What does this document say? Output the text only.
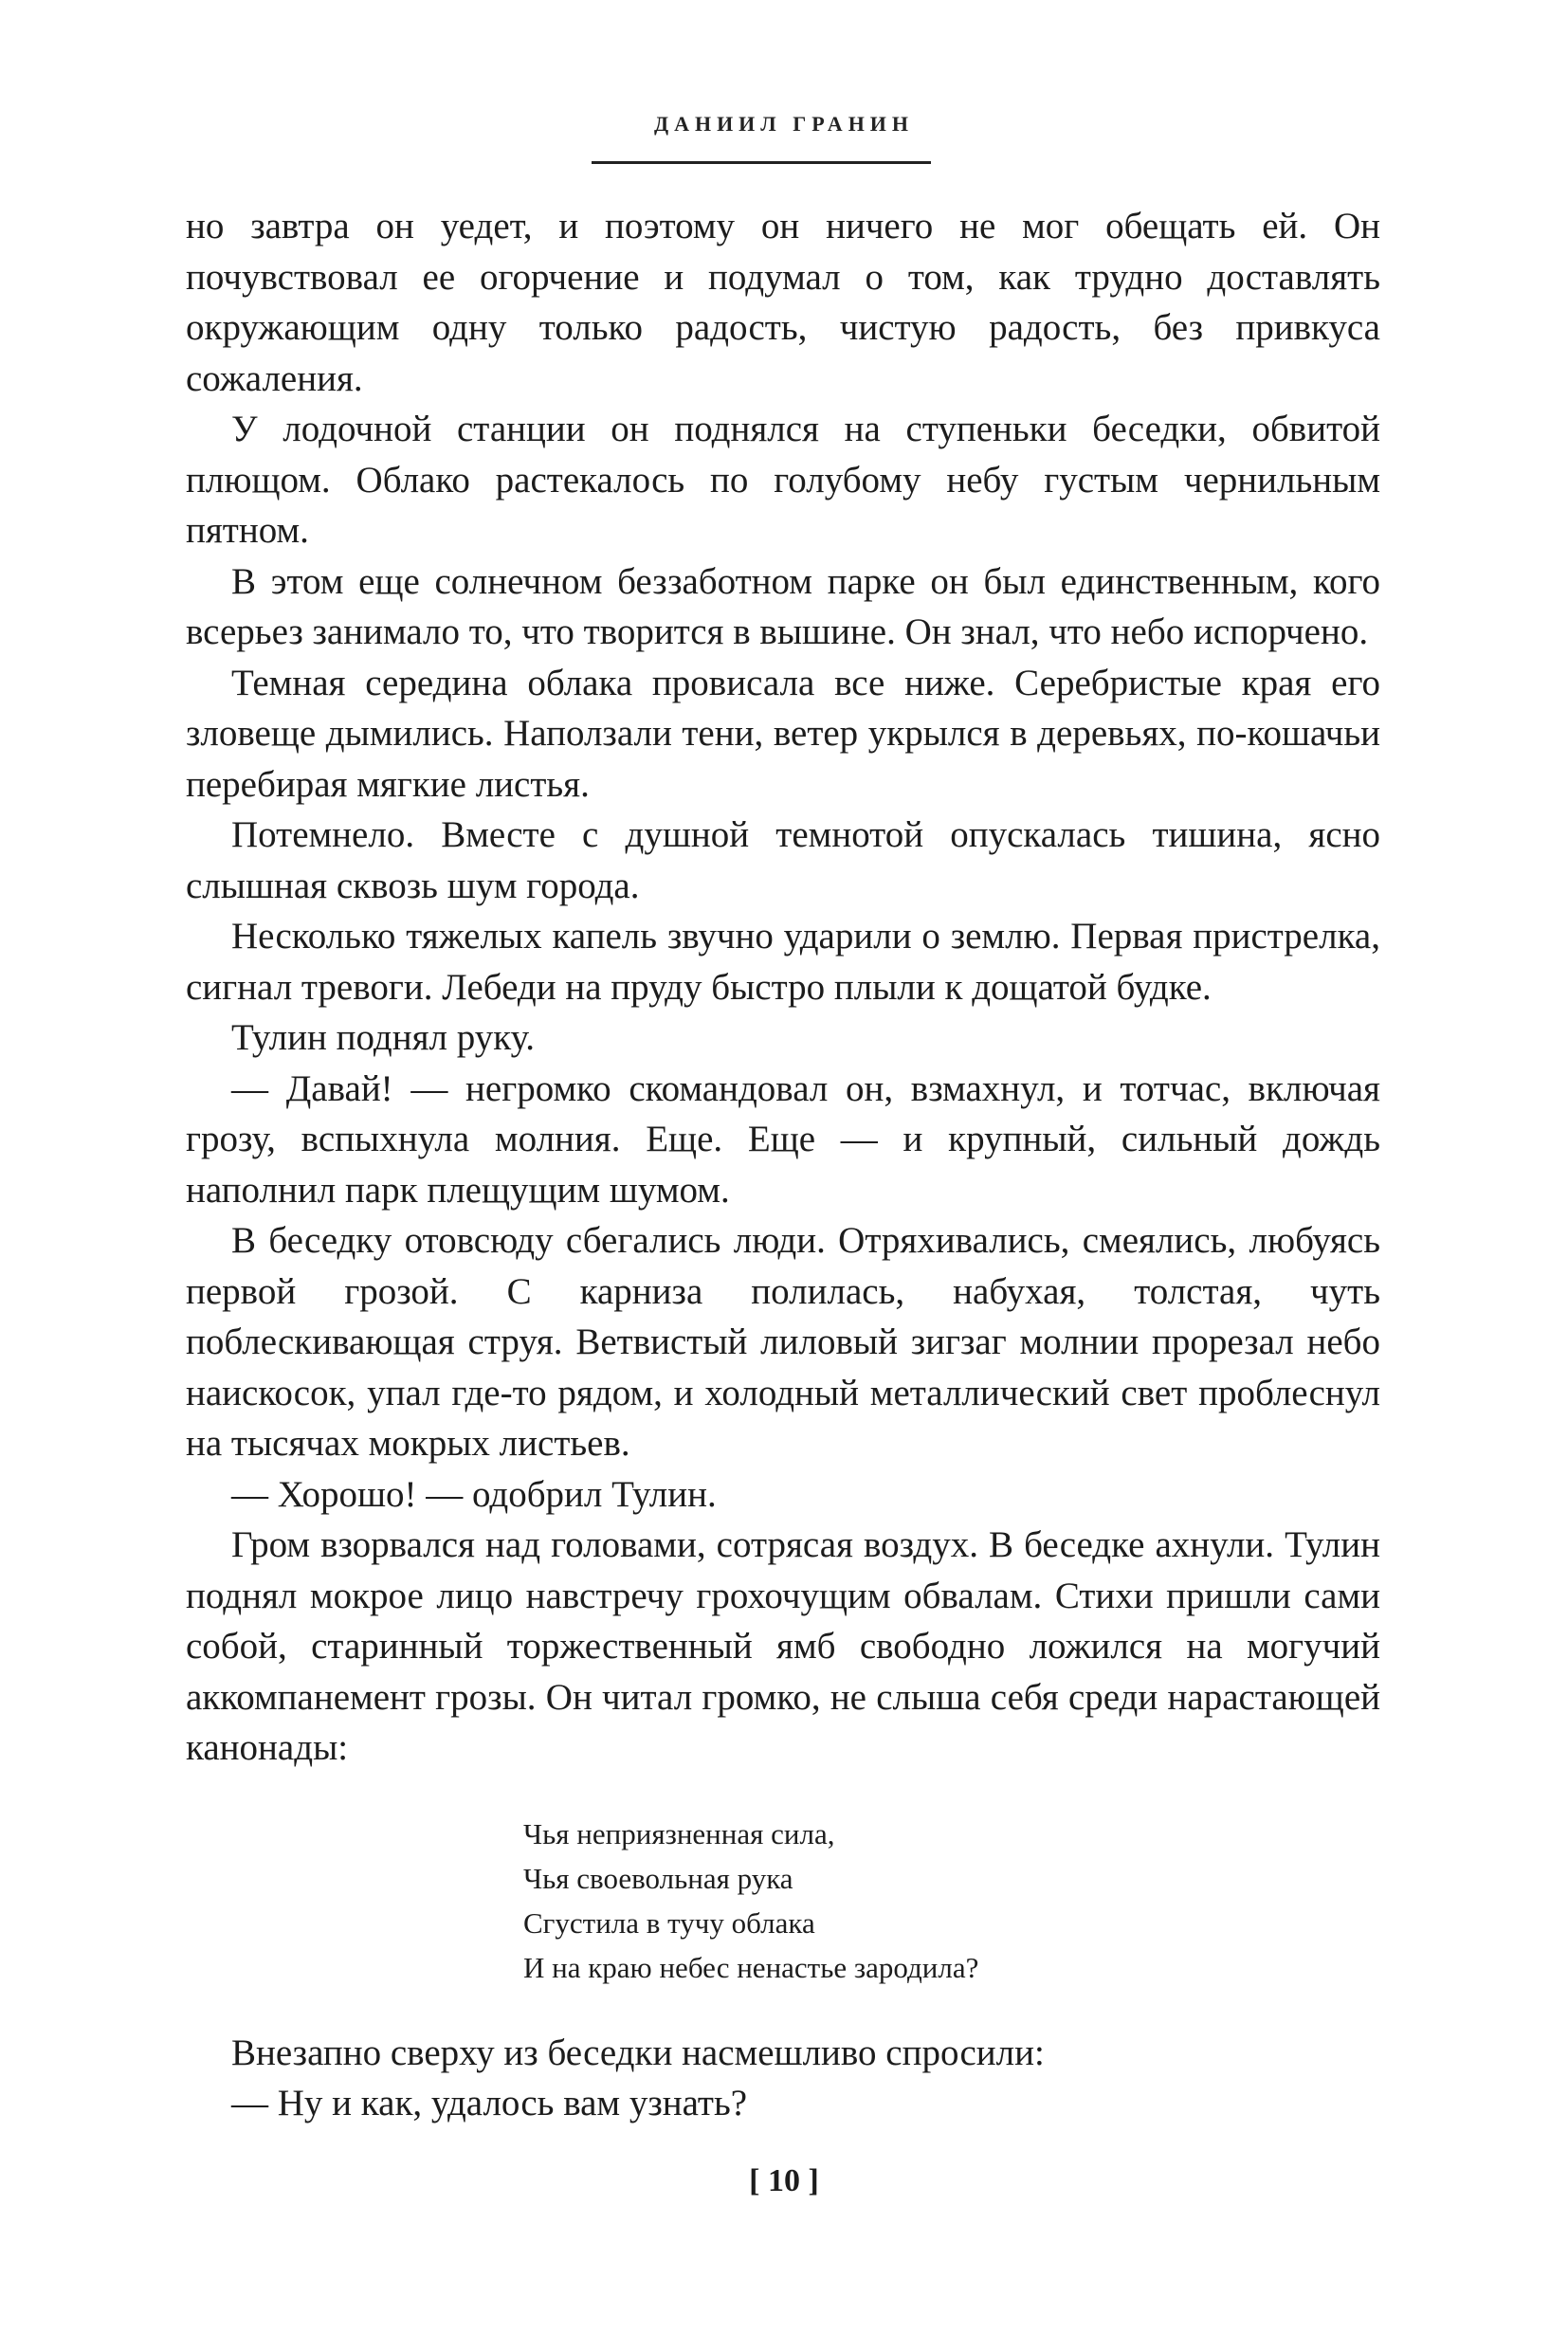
ДАНИИЛ ГРАНИН

но завтра он уедет, и поэтому он ничего не мог обещать ей. Он почувствовал ее огорчение и подумал о том, как трудно доставлять окружающим одну только радость, чистую радость, без привкуса сожаления.

У лодочной станции он поднялся на ступеньки беседки, обвитой плющом. Облако растекалось по голубому небу густым чернильным пятном.

В этом еще солнечном беззаботном парке он был единственным, кого всерьез занимало то, что творится в вышине. Он знал, что небо испорчено.

Темная середина облака провисала все ниже. Серебристые края его зловеще дымились. Наползали тени, ветер укрылся в деревьях, по-кошачьи перебирая мягкие листья.

Потемнело. Вместе с душной темнотой опускалась тишина, ясно слышная сквозь шум города.

Несколько тяжелых капель звучно ударили о землю. Первая пристрелка, сигнал тревоги. Лебеди на пруду быстро плыли к дощатой будке.

Тулин поднял руку.

— Давай! — негромко скомандовал он, взмахнул, и тотчас, включая грозу, вспыхнула молния. Еще. Еще — и крупный, сильный дождь наполнил парк плещущим шумом.

В беседку отовсюду сбегались люди. Отряхивались, смеялись, любуясь первой грозой. С карниза полилась, набухая, толстая, чуть поблескивающая струя. Ветвистый лиловый зигзаг молнии прорезал небо наискосок, упал где-то рядом, и холодный металлический свет проблеснул на тысячах мокрых листьев.

— Хорошо! — одобрил Тулин.

Гром взорвался над головами, сотрясая воздух. В беседке ахнули. Тулин поднял мокрое лицо навстречу грохочущим обвалам. Стихи пришли сами собой, старинный торжественный ямб свободно ложился на могучий аккомпанемент грозы. Он читал громко, не слыша себя среди нарастающей канонады:

Чья неприязненная сила,
Чья своевольная рука
Сгустила в тучу облака
И на краю небес ненастье зародила?

Внезапно сверху из беседки насмешливо спросили:

— Ну и как, удалось вам узнать?

[ 10 ]
